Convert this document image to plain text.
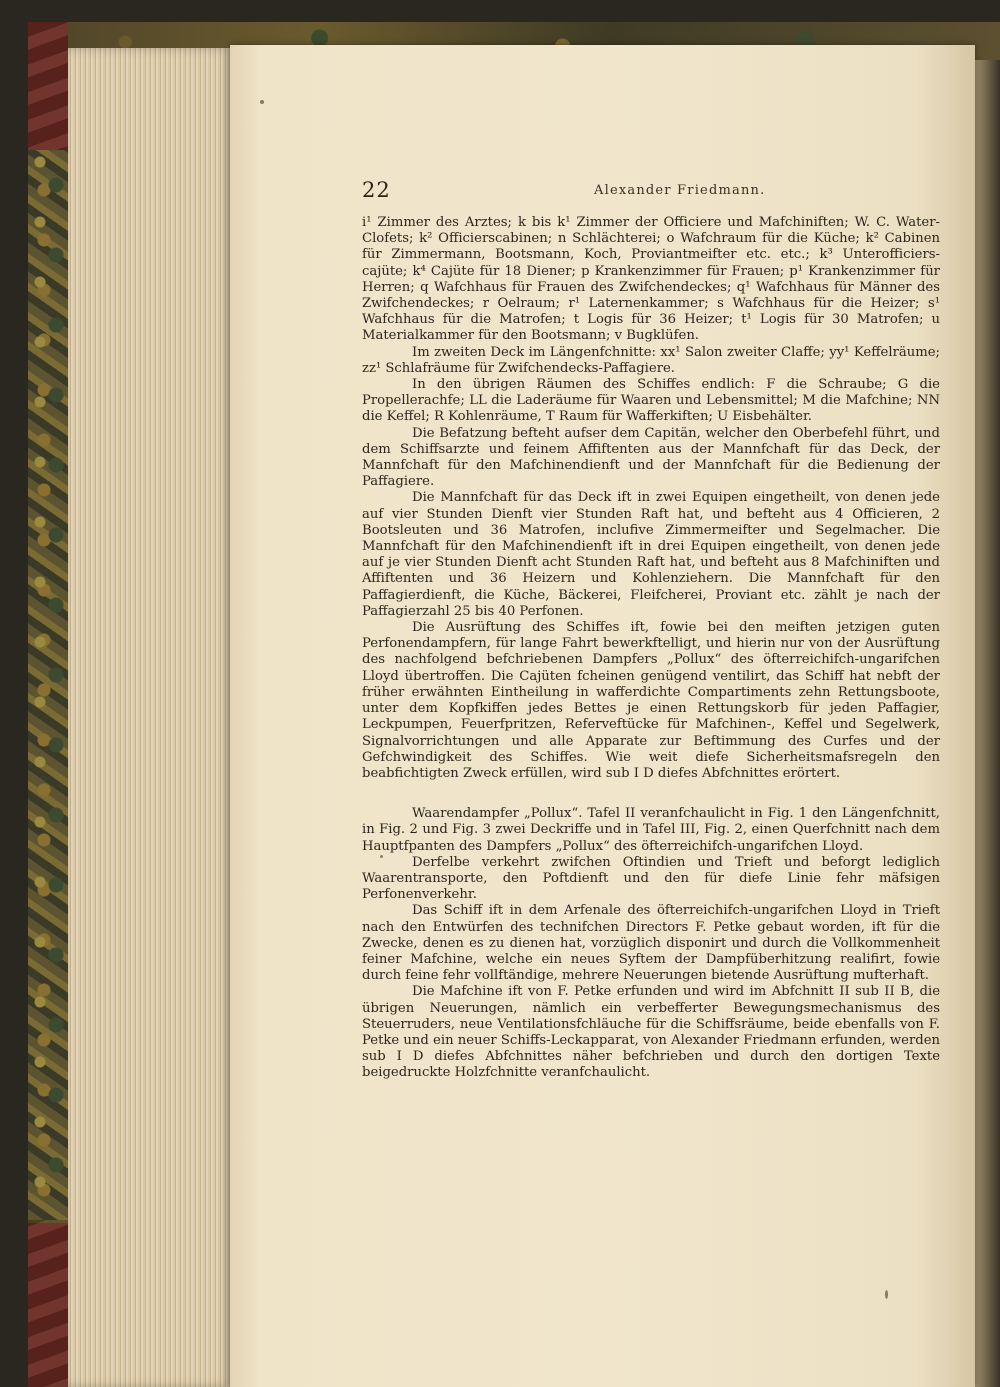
22	Alexander Friedmann.

i¹ Zimmer des Arztes; k bis k¹ Zimmer der Officiere und Mafchiniften; W. C. Water-Clofets; k² Officierscabinen; n Schlächterei; o Wafchraum für die Küche; k² Cabinen für Zimmermann, Bootsmann, Koch, Proviantmeifter etc. etc.; k³ Unterofficiers-cajüte; k⁴ Cajüte für 18 Diener; p Krankenzimmer für Frauen; p¹ Krankenzimmer für Herren; q Wafchhaus für Frauen des Zwifchendeckes; q¹ Wafchhaus für Männer des Zwifchendeckes; r Oelraum; r¹ Laternenkammer; s Wafchhaus für die Heizer; s¹ Wafchhaus für die Matrofen; t Logis für 36 Heizer; t¹ Logis für 30 Matrofen; u Materialkammer für den Bootsmann; v Bugklüfen.

Im zweiten Deck im Längenfchnitte: xx¹ Salon zweiter Claffe; yy¹ Keffelräume; zz¹ Schlafräume für Zwifchendecks-Paffagiere.

In den übrigen Räumen des Schiffes endlich: F die Schraube; G die Propellerachfe; LL die Laderäume für Waaren und Lebensmittel; M die Mafchine; NN die Keffel; R Kohlenräume, T Raum für Wafferkiften; U Eisbehälter.

Die Befatzung befteht aufser dem Capitän, welcher den Oberbefehl führt, und dem Schiffsarzte und feinem Affiftenten aus der Mannfchaft für das Deck, der Mannfchaft für den Mafchinendienft und der Mannfchaft für die Bedienung der Paffagiere.

Die Mannfchaft für das Deck ift in zwei Equipen eingetheilt, von denen jede auf vier Stunden Dienft vier Stunden Raft hat, und befteht aus 4 Officieren, 2 Bootsleuten und 36 Matrofen, inclufive Zimmermeifter und Segelmacher. Die Mannfchaft für den Mafchinendienft ift in drei Equipen eingetheilt, von denen jede auf je vier Stunden Dienft acht Stunden Raft hat, und befteht aus 8 Mafchiniften und Affiftenten und 36 Heizern und Kohlenziehern. Die Mannfchaft für den Paffagierdienft, die Küche, Bäckerei, Fleifcherei, Proviant etc. zählt je nach der Paffagierzahl 25 bis 40 Perfonen.

Die Ausrüftung des Schiffes ift, fowie bei den meiften jetzigen guten Perfonendampfern, für lange Fahrt bewerkftelligt, und hierin nur von der Ausrüftung des nachfolgend befchriebenen Dampfers „Pollux“ des öfterreichifch-ungarifchen Lloyd übertroffen. Die Cajüten fcheinen genügend ventilirt, das Schiff hat nebft der früher erwähnten Eintheilung in wafferdichte Compartiments zehn Rettungsboote, unter dem Kopfkiffen jedes Bettes je einen Rettungskorb für jeden Paffagier, Leckpumpen, Feuerfpritzen, Referveftücke für Mafchinen-, Keffel und Segelwerk, Signalvorrichtungen und alle Apparate zur Beftimmung des Curfes und der Gefchwindigkeit des Schiffes. Wie weit diefe Sicherheitsmafsregeln den beabfichtigten Zweck erfüllen, wird sub I D diefes Abfchnittes erörtert.

Waarendampfer „Pollux“. Tafel II veranfchaulicht in Fig. 1 den Längenfchnitt, in Fig. 2 und Fig. 3 zwei Deckriffe und in Tafel III, Fig. 2, einen Querfchnitt nach dem Hauptfpanten des Dampfers „Pollux“ des öfterreichifch-ungarifchen Lloyd.

Derfelbe verkehrt zwifchen Oftindien und Trieft und beforgt lediglich Waarentransporte, den Poftdienft und den für diefe Linie fehr mäfsigen Perfonenverkehr.

Das Schiff ift in dem Arfenale des öfterreichifch-ungarifchen Lloyd in Trieft nach den Entwürfen des technifchen Directors F. Petke gebaut worden, ift für die Zwecke, denen es zu dienen hat, vorzüglich disponirt und durch die Vollkommenheit feiner Mafchine, welche ein neues Syftem der Dampfüberhitzung realifirt, fowie durch feine fehr vollftändige, mehrere Neuerungen bietende Ausrüftung mufterhaft.

Die Mafchine ift von F. Petke erfunden und wird im Abfchnitt II sub II B, die übrigen Neuerungen, nämlich ein verbefferter Bewegungsmechanismus des Steuerruders, neue Ventilationsfchläuche für die Schiffsräume, beide ebenfalls von F. Petke und ein neuer Schiffs-Leckapparat, von Alexander Friedmann erfunden, werden sub I D diefes Abfchnittes näher befchrieben und durch den dortigen Texte beigedruckte Holzfchnitte veranfchaulicht.
